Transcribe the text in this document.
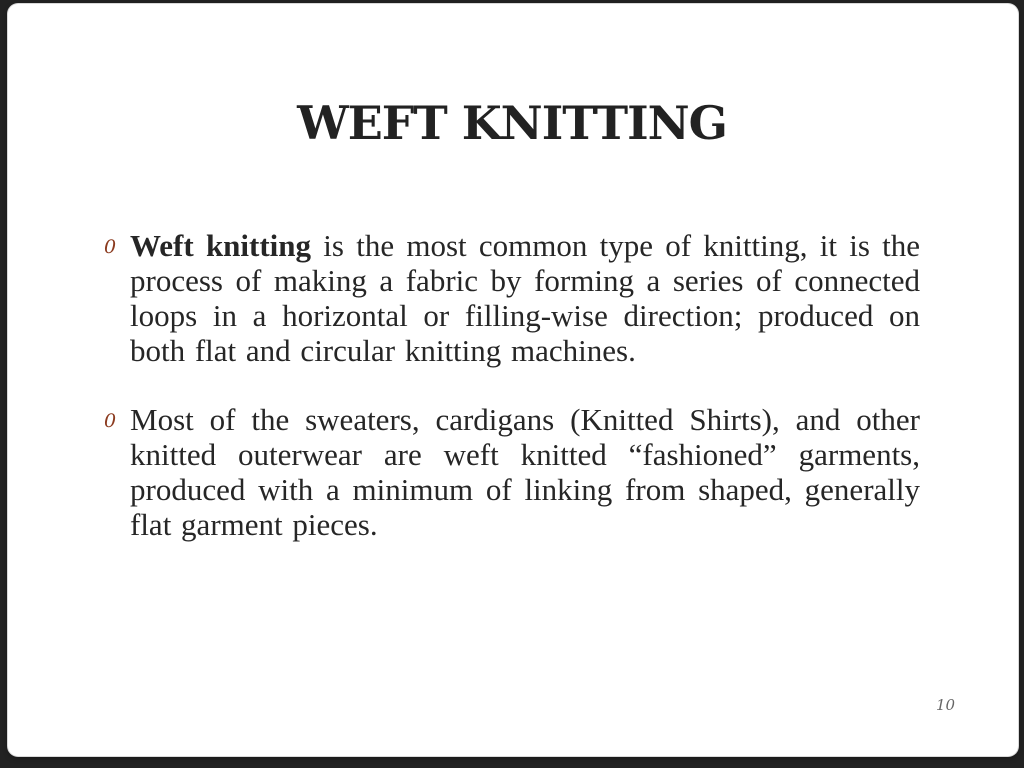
WEFT KNITTING
0 Weft knitting is the most common type of knitting, it is the process of making a fabric by forming a series of connected loops in a horizontal or filling-wise direction; produced on both flat and circular knitting machines.
0 Most of the sweaters, cardigans (Knitted Shirts), and other knitted outerwear are weft knitted “fashioned” garments, produced with a minimum of linking from shaped, generally flat garment pieces.
10
